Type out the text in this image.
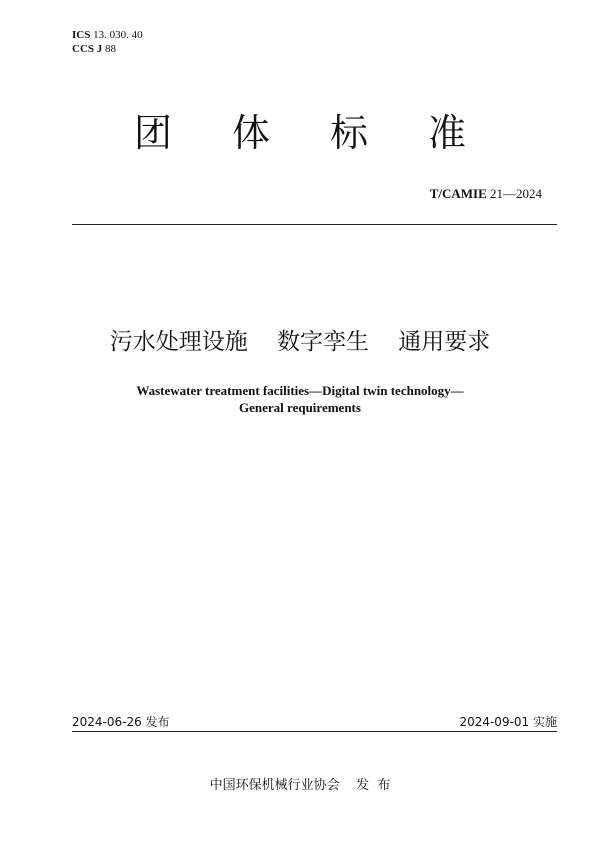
ICS 13. 030. 40
CCS J 88
团体标准
T/CAMIE 21—2024
污水处理设施    数字孪生    通用要求
Wastewater treatment facilities—Digital twin technology—
General requirements
2024-06-26 发布	2024-09-01 实施
中国环保机械行业协会    发  布
